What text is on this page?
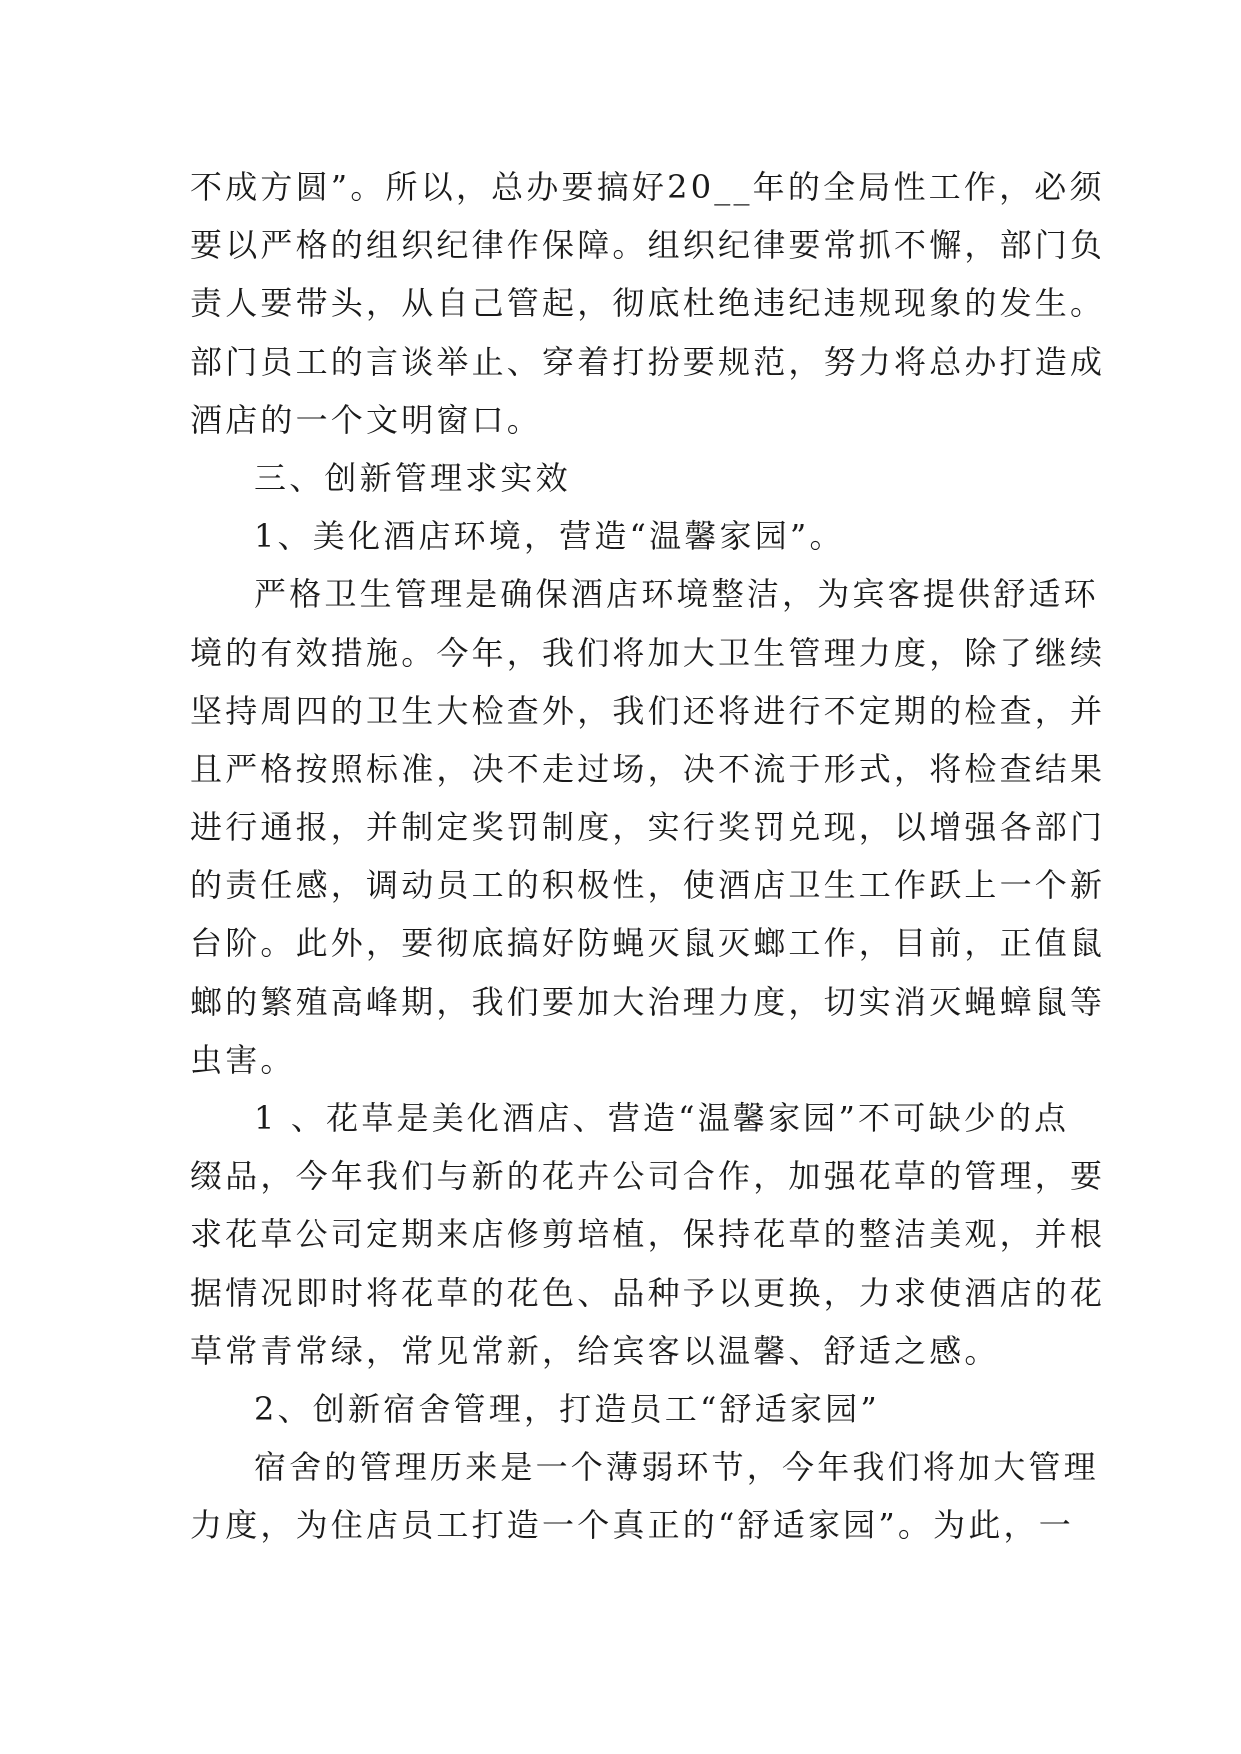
不成方圆”。所以，总办要搞好20__年的全局性工作，必须
要以严格的组织纪律作保障。组织纪律要常抓不懈，部门负
责人要带头，从自己管起，彻底杜绝违纪违规现象的发生。
部门员工的言谈举止、穿着打扮要规范，努力将总办打造成
酒店的一个文明窗口。
三、创新管理求实效
1、美化酒店环境，营造“温馨家园”。
严格卫生管理是确保酒店环境整洁，为宾客提供舒适环
境的有效措施。今年，我们将加大卫生管理力度，除了继续
坚持周四的卫生大检查外，我们还将进行不定期的检查，并
且严格按照标准，决不走过场，决不流于形式，将检查结果
进行通报，并制定奖罚制度，实行奖罚兑现，以增强各部门
的责任感，调动员工的积极性，使酒店卫生工作跃上一个新
台阶。此外，要彻底搞好防蝇灭鼠灭螂工作，目前，正值鼠
螂的繁殖高峰期，我们要加大治理力度，切实消灭蝇蟑鼠等
虫害。
1 、花草是美化酒店、营造“温馨家园”不可缺少的点
缀品，今年我们与新的花卉公司合作，加强花草的管理，要
求花草公司定期来店修剪培植，保持花草的整洁美观，并根
据情况即时将花草的花色、品种予以更换，力求使酒店的花
草常青常绿，常见常新，给宾客以温馨、舒适之感。
2、创新宿舍管理，打造员工“舒适家园”
宿舍的管理历来是一个薄弱环节，今年我们将加大管理
力度，为住店员工打造一个真正的“舒适家园”。为此，一
